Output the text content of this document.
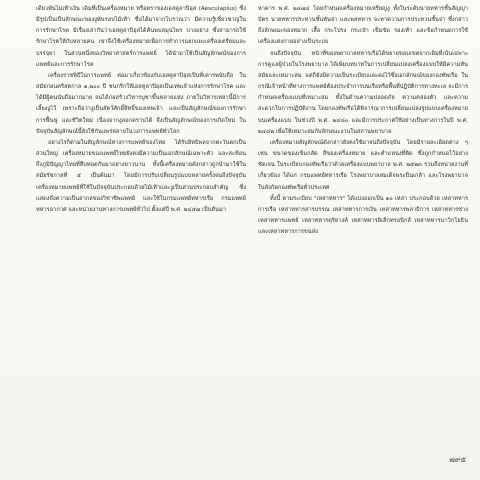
เดียวพันไม่เท้าเงิน เดิมที่เป็นเครื่องหมาย หรือตราของเอสคูลาปิอุส (Aesculapius) ซึ่งมีรูปเป็นเป็นลักษณะของงูพันรอบไม้เท้า ชื่อได้มาจากโบราณว่า มีความรู้เชี่ยวชาญในการรักษาโรค มีเรื่องเล่ากันว่าเอสคูลาปิอุสได้ค้นพบสมุนไพร บางอย่าง ซึ่งสามารถใช้รักษาโรคให้กับหลายคน เขาจึงใช้เครื่องหมายเพื่อการทำการแยกแยะเครื่องเตรียมและบรรจุยา ในส่วนหนึ่งของวิทยาศาสตร์การแพทย์ ได้นำมาใช้เป็นสัญลักษณ์ของการแพทย์และการรักษาโรค

เครื่องราชพิธีในการแพทย์ ต่อมาเกี่ยวข้องกับเอสคูลาปิอุสเป็นที่เคารพนับถือ ในสมัยก่อนคริสตกาล ๑,๒๐๐ ปี ชนกรีกให้เอสคูลาปิอุสเป็นเทพเจ้าแห่งการรักษาโรค และได้มีผู้คนนับถือมากมาย จนได้ก่อสร้างวิหารบูชาขึ้นหลายแห่ง ภายในวิหารเหล่านี้มีการเลี้ยงงูไว้ เพราะถือว่างูเป็นสัตว์ศักดิ์สิทธิ์ของเทพเจ้า และเป็นสัญลักษณ์ของการรักษา การฟื้นฟู และชีวิตใหม่ เนื่องจากงูลอกคราบได้ จึงเป็นสัญลักษณ์ของการเกิดใหม่ ในปัจจุบันสัญลักษณ์นี้ยังใช้กันแพร่หลายในวงการแพทย์ทั่วโลก

อย่างไรก็ตามในสัญลักษณ์ทางการแพทย์ของไทย ได้รับอิทธิพลจากตะวันตกเป็นส่วนใหญ่ เครื่องหมายของแพทย์ไทยยังคงมีความเป็นเอกลักษณ์เฉพาะตัว และสะท้อนถึงภูมิปัญญาไทยที่สืบทอดกันมาอย่างยาวนาน ทั้งนี้เครื่องหมายดังกล่าวถูกนำมาใช้ในสมัยรัชกาลที่ ๕ เป็นต้นมา โดยมีการปรับเปลี่ยนรูปแบบหลายครั้งจนถึงปัจจุบัน เครื่องหมายแพทย์ที่ใช้ในปัจจุบันประกอบด้วยไม้เท้าและงูเป็นส่วนประกอบสำคัญ ซึ่งแสดงถึงความเป็นสากลของวิชาชีพแพทย์ และใช้ในกรมแพทย์ทหารเรือ กรมแพทย์ทหารอากาศ และหน่วยงานทางการแพทย์ทั่วไป ตั้งแต่ปี พ.ศ. ๒๔๕๗ เป็นต้นมา

หาคาร พ.ศ. ๒๔๗๔ โดยกำหนดเครื่องหมายเหรียญงู ทั้งในระดับนายทหารชั้นสัญญาบัตร นายทหารประทวนชั้นพันจ่า และพลทหาร จะหาความการประทวนชั้นจ่า ซึ่งกล่าวถึงลักษณะของหมวก เสื้อ กระโปรง กระเป๋า เข็มขัด รองเท้า และข้อกำหนดการใช้เครื่องแต่งกายอย่างเป็นระบบ

จนถึงปัจจุบัน หน้าที่ของพยาบาลทหารเรือได้ขยายขอบเขตจากเดิมที่เน้นเฉพาะการดูแลผู้ป่วยในโรงพยาบาล ได้เพิ่มบทบาทในการเปลี่ยนแปลงเครื่องแบบให้มีความทันสมัยและเหมาะสม แต่ก็ยังมีความเป็นระเบียบและคงไว้ซึ่งเอกลักษณ์ของกองทัพเรือ ในกรณีเจ้าหน้าที่ทางการแพทย์ต้องประจำการบนเรือหรือพื้นที่ปฏิบัติการทางทะเล จะมีการกำหนดเครื่องแบบที่เหมาะสม ทั้งในด้านความปลอดภัย ความคล่องตัว และความสะดวกในการปฏิบัติงาน โดยกองทัพเรือได้พิจารณาการเปลี่ยนแปลงรูปแบบเครื่องหมายบนเครื่องแบบ ในช่วงปี พ.ศ. ๒๔๘๐ และมีการประกาศใช้อย่างเป็นทางการในปี พ.ศ. ๒๔๘๒ เพื่อให้เหมาะสมกับลักษณะงานในสถานพยาบาล

เครื่องหมายสัญลักษณ์ดังกล่าวยังคงใช้มาจนถึงปัจจุบัน โดยมีรายละเอียดต่าง ๆ เช่น ขนาดของเข็มกลัด สีของเครื่องหมาย และตำแหน่งที่ติด ซึ่งถูกกำหนดไว้อย่างชัดเจน ในระเบียบกองทัพเรือว่าด้วยเครื่องแบบพยาบาล พ.ศ. ๒๕๒๓ รวมถึงหน่วยงานที่เกี่ยวข้อง ได้แก่ กรมแพทย์ทหารเรือ โรงพยาบาลสมเด็จพระปิ่นเกล้า และโรงพยาบาลในสังกัดกองทัพเรือทั่วประเทศ

ทั้งนี้ ตามระเบียบ "เหล่าทหาร" ได้แบ่งออกเป็น ๑๐ เหล่า ประกอบด้วย เหล่าทหารการเรือ เหล่าทหารสารบรรณ เหล่าทหารการเงิน เหล่าทหารพลาธิการ เหล่าทหารช่าง เหล่าทหารแพทย์ เหล่าทหารดุริยางค์ เหล่าทหารอิเล็กทรอนิกส์ เหล่าทหารนาวิกโยธิน และเหล่าทหารการขนส่ง

๗๙๕
